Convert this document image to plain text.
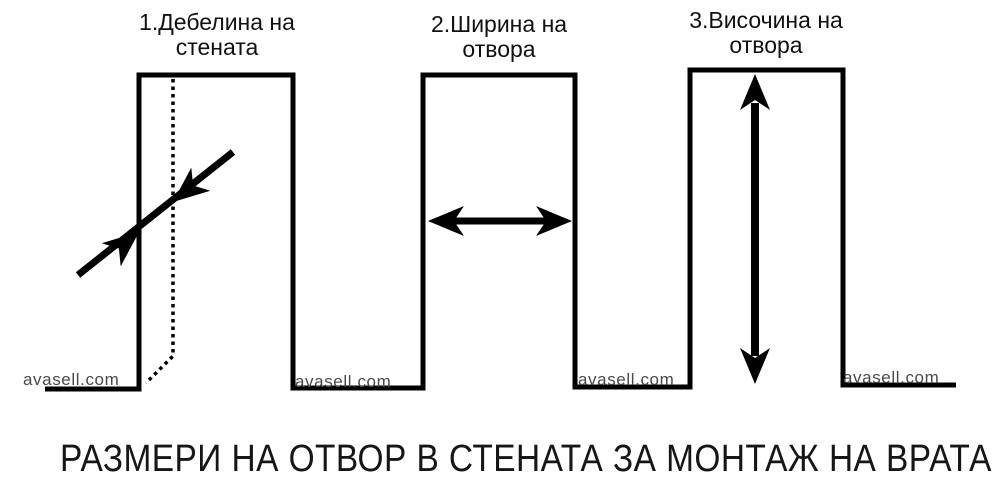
1.Дебелина на
стената
2.Ширина на
отвора
3.Височина на
отвора
avasell.com	avasell.com	avasell.com	avasell.com
РАЗМЕРИ НА ОТВОР В СТЕНАТА ЗА МОНТАЖ НА ВРАТА
